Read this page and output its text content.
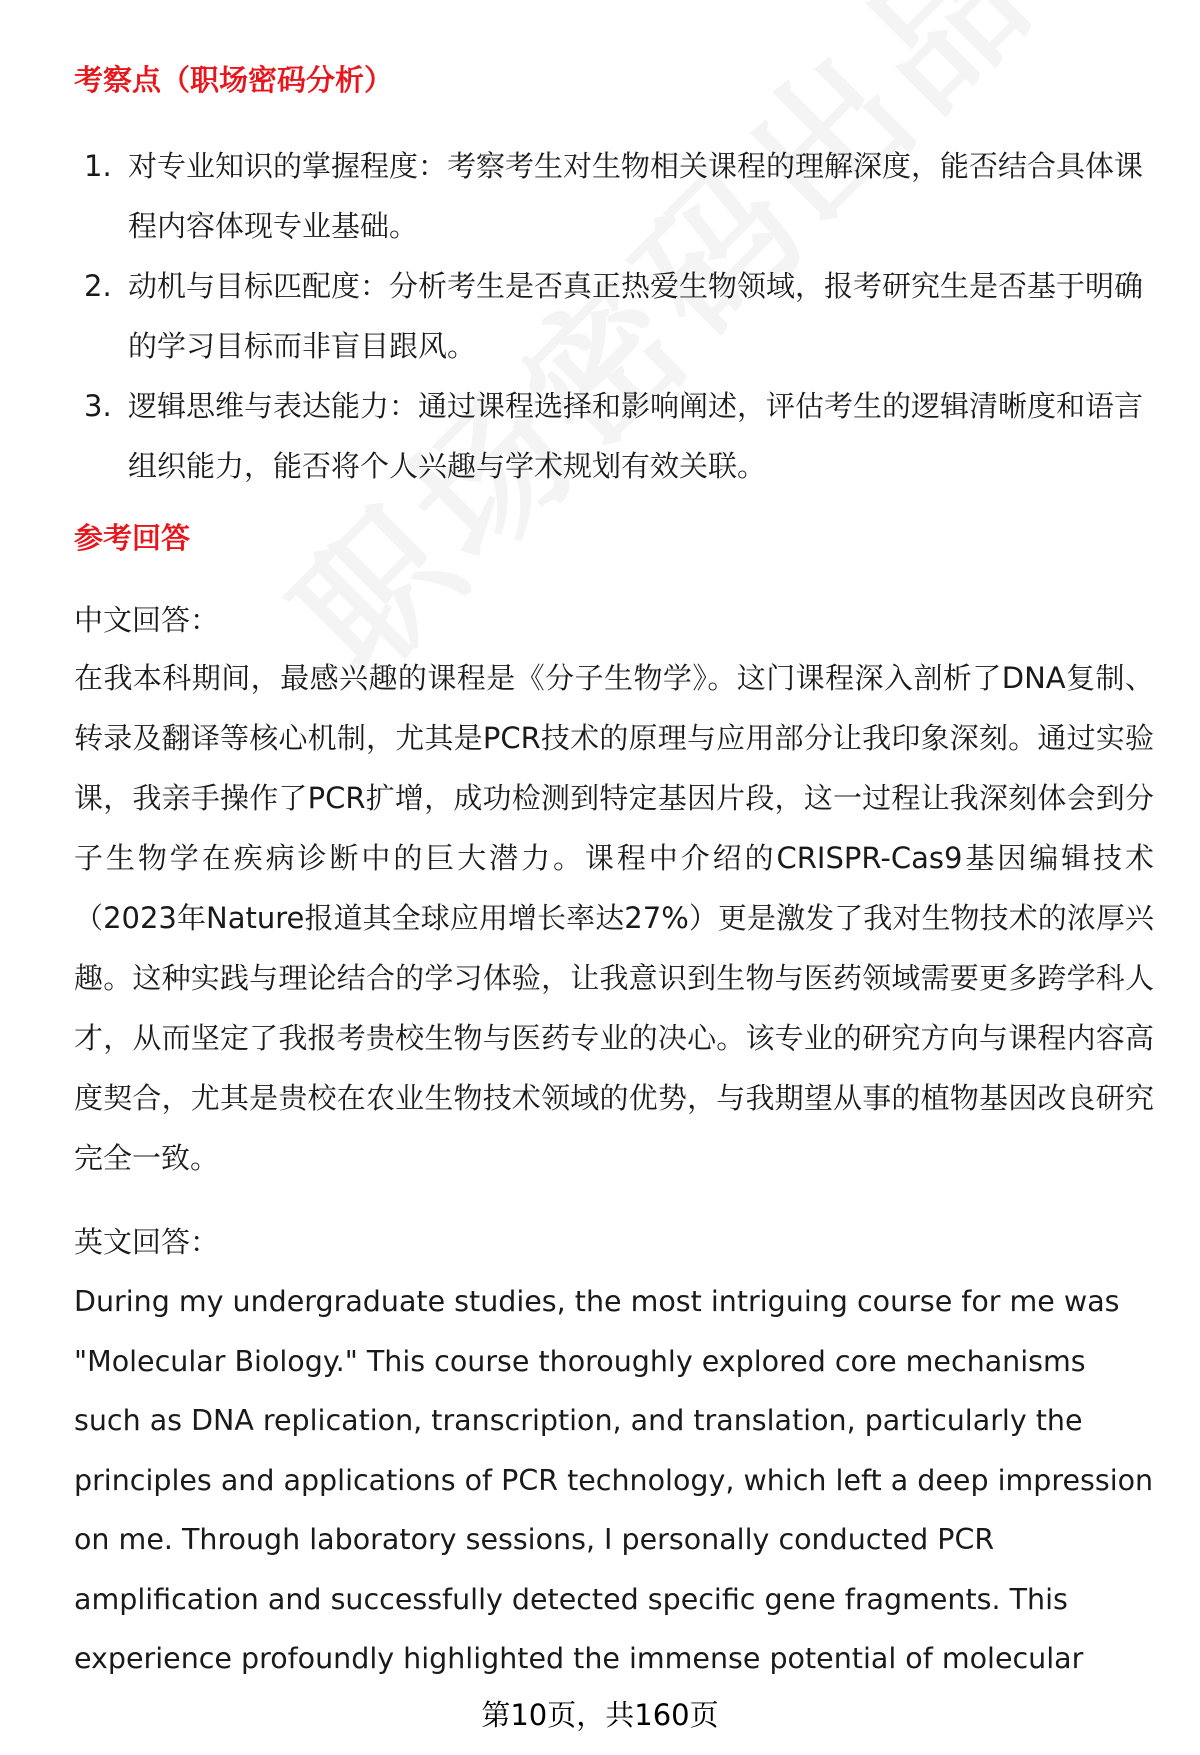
考察点（职场密码分析）
1. 对专业知识的掌握程度：考察考生对生物相关课程的理解深度，能否结合具体课程内容体现专业基础。
2. 动机与目标匹配度：分析考生是否真正热爱生物领域，报考研究生是否基于明确的学习目标而非盲目跟风。
3. 逻辑思维与表达能力：通过课程选择和影响阐述，评估考生的逻辑清晰度和语言组织能力，能否将个人兴趣与学术规划有效关联。
参考回答

中文回答：

在我本科期间，最感兴趣的课程是《分子生物学》。这门课程深入剖析了DNA复制、转录及翻译等核心机制，尤其是PCR技术的原理与应用部分让我印象深刻。通过实验课，我亲手操作了PCR扩增，成功检测到特定基因片段，这一过程让我深刻体会到分子生物学在疾病诊断中的巨大潜力。课程中介绍的CRISPR-Cas9基因编辑技术（2023年Nature报道其全球应用增长率达27%）更是激发了我对生物技术的浓厚兴趣。这种实践与理论结合的学习体验，让我意识到生物与医药领域需要更多跨学科人才，从而坚定了我报考贵校生物与医药专业的决心。该专业的研究方向与课程内容高度契合，尤其是贵校在农业生物技术领域的优势，与我期望从事的植物基因改良研究完全一致。

英文回答：

During my undergraduate studies, the most intriguing course for me was "Molecular Biology." This course thoroughly explored core mechanisms such as DNA replication, transcription, and translation, particularly the principles and applications of PCR technology, which left a deep impression on me. Through laboratory sessions, I personally conducted PCR amplification and successfully detected specific gene fragments. This experience profoundly highlighted the immense potential of molecular

第10页，共160页
